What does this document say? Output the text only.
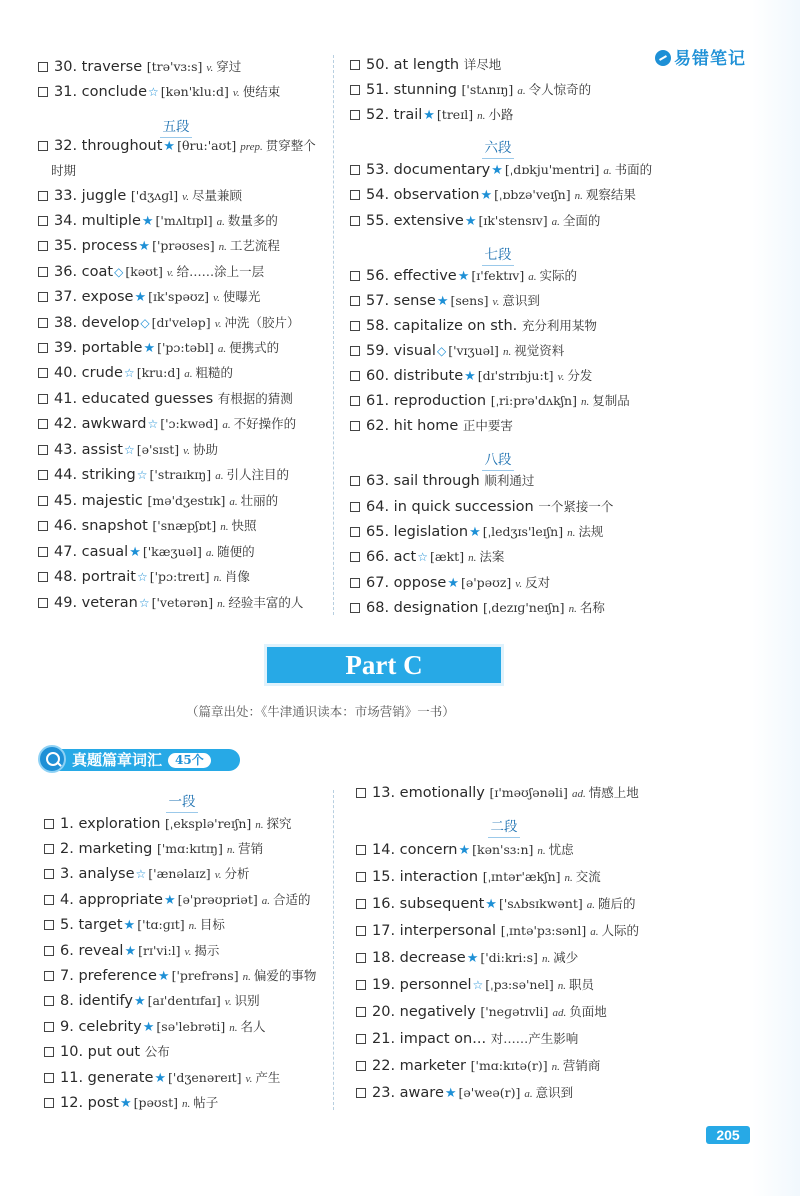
易错笔记
30. traverse [trə'vɜ:s] v. 穿过
31. conclude☆ [kən'klu:d] v. 使结束
五段
32. throughout★ [θru:'aʊt] prep. 贯穿整个
时期
33. juggle ['dʒʌɡl] v. 尽量兼顾
34. multiple★ ['mʌltɪpl] a. 数量多的
35. process★ ['prəʊses] n. 工艺流程
36. coat◇ [kəʊt] v. 给……涂上一层
37. expose★ [ɪk'spəʊz] v. 使曝光
38. develop◇ [dɪ'veləp] v. 冲洗（胶片）
39. portable★ ['pɔ:təbl] a. 便携式的
40. crude☆ [kru:d] a. 粗糙的
41. educated guesses 有根据的猜测
42. awkward☆ ['ɔ:kwəd] a. 不好操作的
43. assist☆ [ə'sɪst] v. 协助
44. striking☆ ['straɪkɪŋ] a. 引人注目的
45. majestic [mə'dʒestɪk] a. 壮丽的
46. snapshot ['snæpʃɒt] n. 快照
47. casual★ ['kæʒuəl] a. 随便的
48. portrait☆ ['pɔ:treɪt] n. 肖像
49. veteran☆ ['vetərən] n. 经验丰富的人
50. at length 详尽地
51. stunning ['stʌnɪŋ] a. 令人惊奇的
52. trail★ [treɪl] n. 小路
六段
53. documentary★ [ˌdɒkju'mentri] a. 书面的
54. observation★ [ˌɒbzə'veɪʃn] n. 观察结果
55. extensive★ [ɪk'stensɪv] a. 全面的
七段
56. effective★ [ɪ'fektɪv] a. 实际的
57. sense★ [sens] v. 意识到
58. capitalize on sth. 充分利用某物
59. visual◇ ['vɪʒuəl] n. 视觉资料
60. distribute★ [dɪ'strɪbju:t] v. 分发
61. reproduction [ˌri:prə'dʌkʃn] n. 复制品
62. hit home 正中要害
八段
63. sail through 顺利通过
64. in quick succession 一个紧接一个
65. legislation★ [ˌledʒɪs'leɪʃn] n. 法规
66. act☆ [ækt] n. 法案
67. oppose★ [ə'pəʊz] v. 反对
68. designation [ˌdezɪɡ'neɪʃn] n. 名称
Part C
（篇章出处：《牛津通识读本：市场营销》一书）
真题篇章词汇 45个
一段
1. exploration [ˌeksplə'reɪʃn] n. 探究
2. marketing ['mɑ:kɪtɪŋ] n. 营销
3. analyse☆ ['ænəlaɪz] v. 分析
4. appropriate★ [ə'prəʊpriət] a. 合适的
5. target★ ['tɑ:ɡɪt] n. 目标
6. reveal★ [rɪ'vi:l] v. 揭示
7. preference★ ['prefrəns] n. 偏爱的事物
8. identify★ [aɪ'dentɪfaɪ] v. 识别
9. celebrity★ [sə'lebrəti] n. 名人
10. put out 公布
11. generate★ ['dʒenəreɪt] v. 产生
12. post★ [pəʊst] n. 帖子
13. emotionally [ɪ'məʊʃənəli] ad. 情感上地
二段
14. concern★ [kən'sɜ:n] n. 忧虑
15. interaction [ˌɪntər'ækʃn] n. 交流
16. subsequent★ ['sʌbsɪkwənt] a. 随后的
17. interpersonal [ˌɪntə'pɜ:sənl] a. 人际的
18. decrease★ ['di:kri:s] n. 减少
19. personnel☆ [ˌpɜ:sə'nel] n. 职员
20. negatively ['neɡətɪvli] ad. 负面地
21. impact on... 对……产生影响
22. marketer ['mɑ:kɪtə(r)] n. 营销商
23. aware★ [ə'weə(r)] a. 意识到
205
